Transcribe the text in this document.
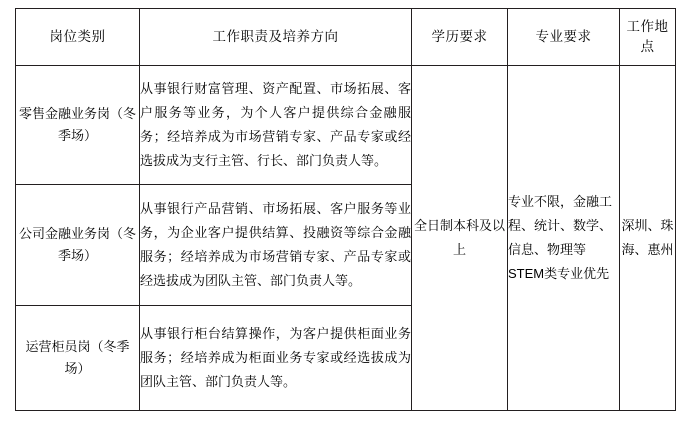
岗位类别	工作职责及培养方向	学历要求	专业要求	工作地点
零售金融业务岗（冬季场）	从事银行财富管理、资产配置、市场拓展、客户服务等业务，为个人客户提供综合金融服务；经培养成为市场营销专家、产品专家或经选拔成为支行主管、行长、部门负责人等。	全日制本科及以上	专业不限，金融工程、统计、数学、信息、物理等STEM类专业优先	深圳、珠海、惠州
公司金融业务岗（冬季场）	从事银行产品营销、市场拓展、客户服务等业务，为企业客户提供结算、投融资等综合金融服务；经培养成为市场营销专家、产品专家或经选拔成为团队主管、部门负责人等。			
运营柜员岗（冬季场）	从事银行柜台结算操作，为客户提供柜面业务服务；经培养成为柜面业务专家或经选拔成为团队主管、部门负责人等。			
